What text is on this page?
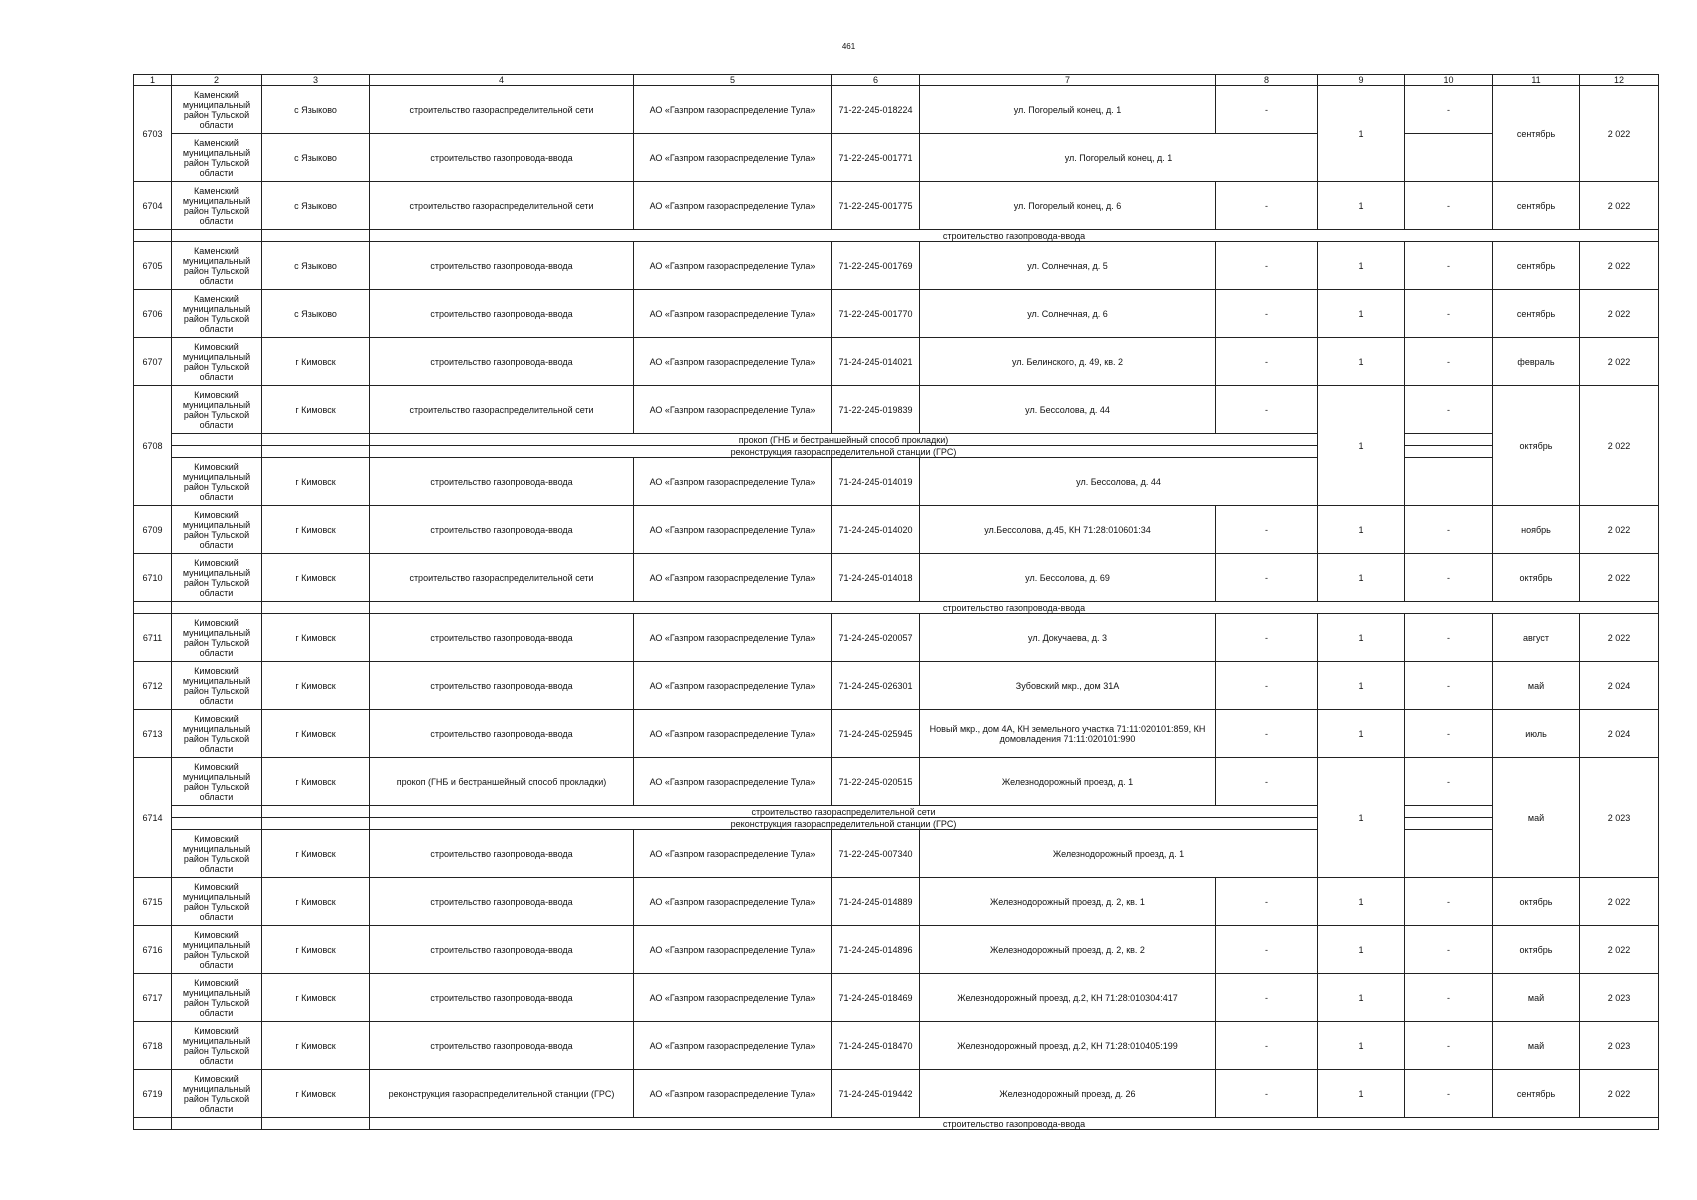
461
1	2	3	4	5	6	7	8	9	10	11	12	
6703	Каменский муниципальный район Тульской области	с Языково	строительство газораспределительной сети	АО «Газпром газораспределение Тула»	71-22-245-018224	ул. Погорелый конец, д. 1	-	1	-	сентябрь	2 022	
	Каменский муниципальный район Тульской области	с Языково	строительство газопровода-ввода	АО «Газпром газораспределение Тула»	71-22-245-001771	ул. Погорелый конец, д. 1						
6704	Каменский муниципальный район Тульской области	с Языково	строительство газораспределительной сети	АО «Газпром газораспределение Тула»	71-22-245-001775	ул. Погорелый конец, д. 6	-	1	-	сентябрь	2 022	
			строительство газопровода-ввода									
6705	Каменский муниципальный район Тульской области	с Языково	строительство газопровода-ввода	АО «Газпром газораспределение Тула»	71-22-245-001769	ул. Солнечная, д. 5	-	1	-	сентябрь	2 022	
6706	Каменский муниципальный район Тульской области	с Языково	строительство газопровода-ввода	АО «Газпром газораспределение Тула»	71-22-245-001770	ул. Солнечная, д. 6	-	1	-	сентябрь	2 022	
6707	Кимовский муниципальный район Тульской области	г Кимовск	строительство газопровода-ввода	АО «Газпром газораспределение Тула»	71-24-245-014021	ул. Белинского, д. 49, кв. 2	-	1	-	февраль	2 022	
6708	Кимовский муниципальный район Тульской области	г Кимовск	строительство газораспределительной сети	АО «Газпром газораспределение Тула»	71-22-245-019839	ул. Бессолова, д. 44	-	1	-	октябрь	2 022	
			прокоп (ГНБ и бестраншейный способ прокладки)									
			реконструкция газораспределительной станции (ГРС)									
	Кимовский муниципальный район Тульской области	г Кимовск	строительство газопровода-ввода	АО «Газпром газораспределение Тула»	71-24-245-014019	ул. Бессолова, д. 44						
6709	Кимовский муниципальный район Тульской области	г Кимовск	строительство газопровода-ввода	АО «Газпром газораспределение Тула»	71-24-245-014020	ул.Бессолова, д.45, КН 71:28:010601:34	-	1	-	ноябрь	2 022	
6710	Кимовский муниципальный район Тульской области	г Кимовск	строительство газораспределительной сети	АО «Газпром газораспределение Тула»	71-24-245-014018	ул. Бессолова, д. 69	-	1	-	октябрь	2 022	
			строительство газопровода-ввода									
6711	Кимовский муниципальный район Тульской области	г Кимовск	строительство газопровода-ввода	АО «Газпром газораспределение Тула»	71-24-245-020057	ул. Докучаева, д. 3	-	1	-	август	2 022	
6712	Кимовский муниципальный район Тульской области	г Кимовск	строительство газопровода-ввода	АО «Газпром газораспределение Тула»	71-24-245-026301	Зубовский мкр., дом 31А	-	1	-	май	2 024	
6713	Кимовский муниципальный район Тульской области	г Кимовск	строительство газопровода-ввода	АО «Газпром газораспределение Тула»	71-24-245-025945	Новый мкр., дом 4А, КН земельного участка 71:11:020101:859, КН домовладения 71:11:020101:990	-	1	-	июль	2 024	
6714	Кимовский муниципальный район Тульской области	г Кимовск	прокоп (ГНБ и бестраншейный способ прокладки)	АО «Газпром газораспределение Тула»	71-22-245-020515	Железнодорожный проезд, д. 1	-	1	-	май	2 023	
			строительство газораспределительной сети									
			реконструкция газораспределительной станции (ГРС)									
	Кимовский муниципальный район Тульской области	г Кимовск	строительство газопровода-ввода	АО «Газпром газораспределение Тула»	71-22-245-007340	Железнодорожный проезд, д. 1						
6715	Кимовский муниципальный район Тульской области	г Кимовск	строительство газопровода-ввода	АО «Газпром газораспределение Тула»	71-24-245-014889	Железнодорожный проезд, д. 2, кв. 1	-	1	-	октябрь	2 022	
6716	Кимовский муниципальный район Тульской области	г Кимовск	строительство газопровода-ввода	АО «Газпром газораспределение Тула»	71-24-245-014896	Железнодорожный проезд, д. 2, кв. 2	-	1	-	октябрь	2 022	
6717	Кимовский муниципальный район Тульской области	г Кимовск	строительство газопровода-ввода	АО «Газпром газораспределение Тула»	71-24-245-018469	Железнодорожный проезд, д.2, КН 71:28:010304:417	-	1	-	май	2 023	
6718	Кимовский муниципальный район Тульской области	г Кимовск	строительство газопровода-ввода	АО «Газпром газораспределение Тула»	71-24-245-018470	Железнодорожный проезд, д.2, КН 71:28:010405:199	-	1	-	май	2 023	
6719	Кимовский муниципальный район Тульской области	г Кимовск	реконструкция газораспределительной станции (ГРС)	АО «Газпром газораспределение Тула»	71-24-245-019442	Железнодорожный проезд, д. 26	-	1	-	сентябрь	2 022	
			строительство газопровода-ввода									
